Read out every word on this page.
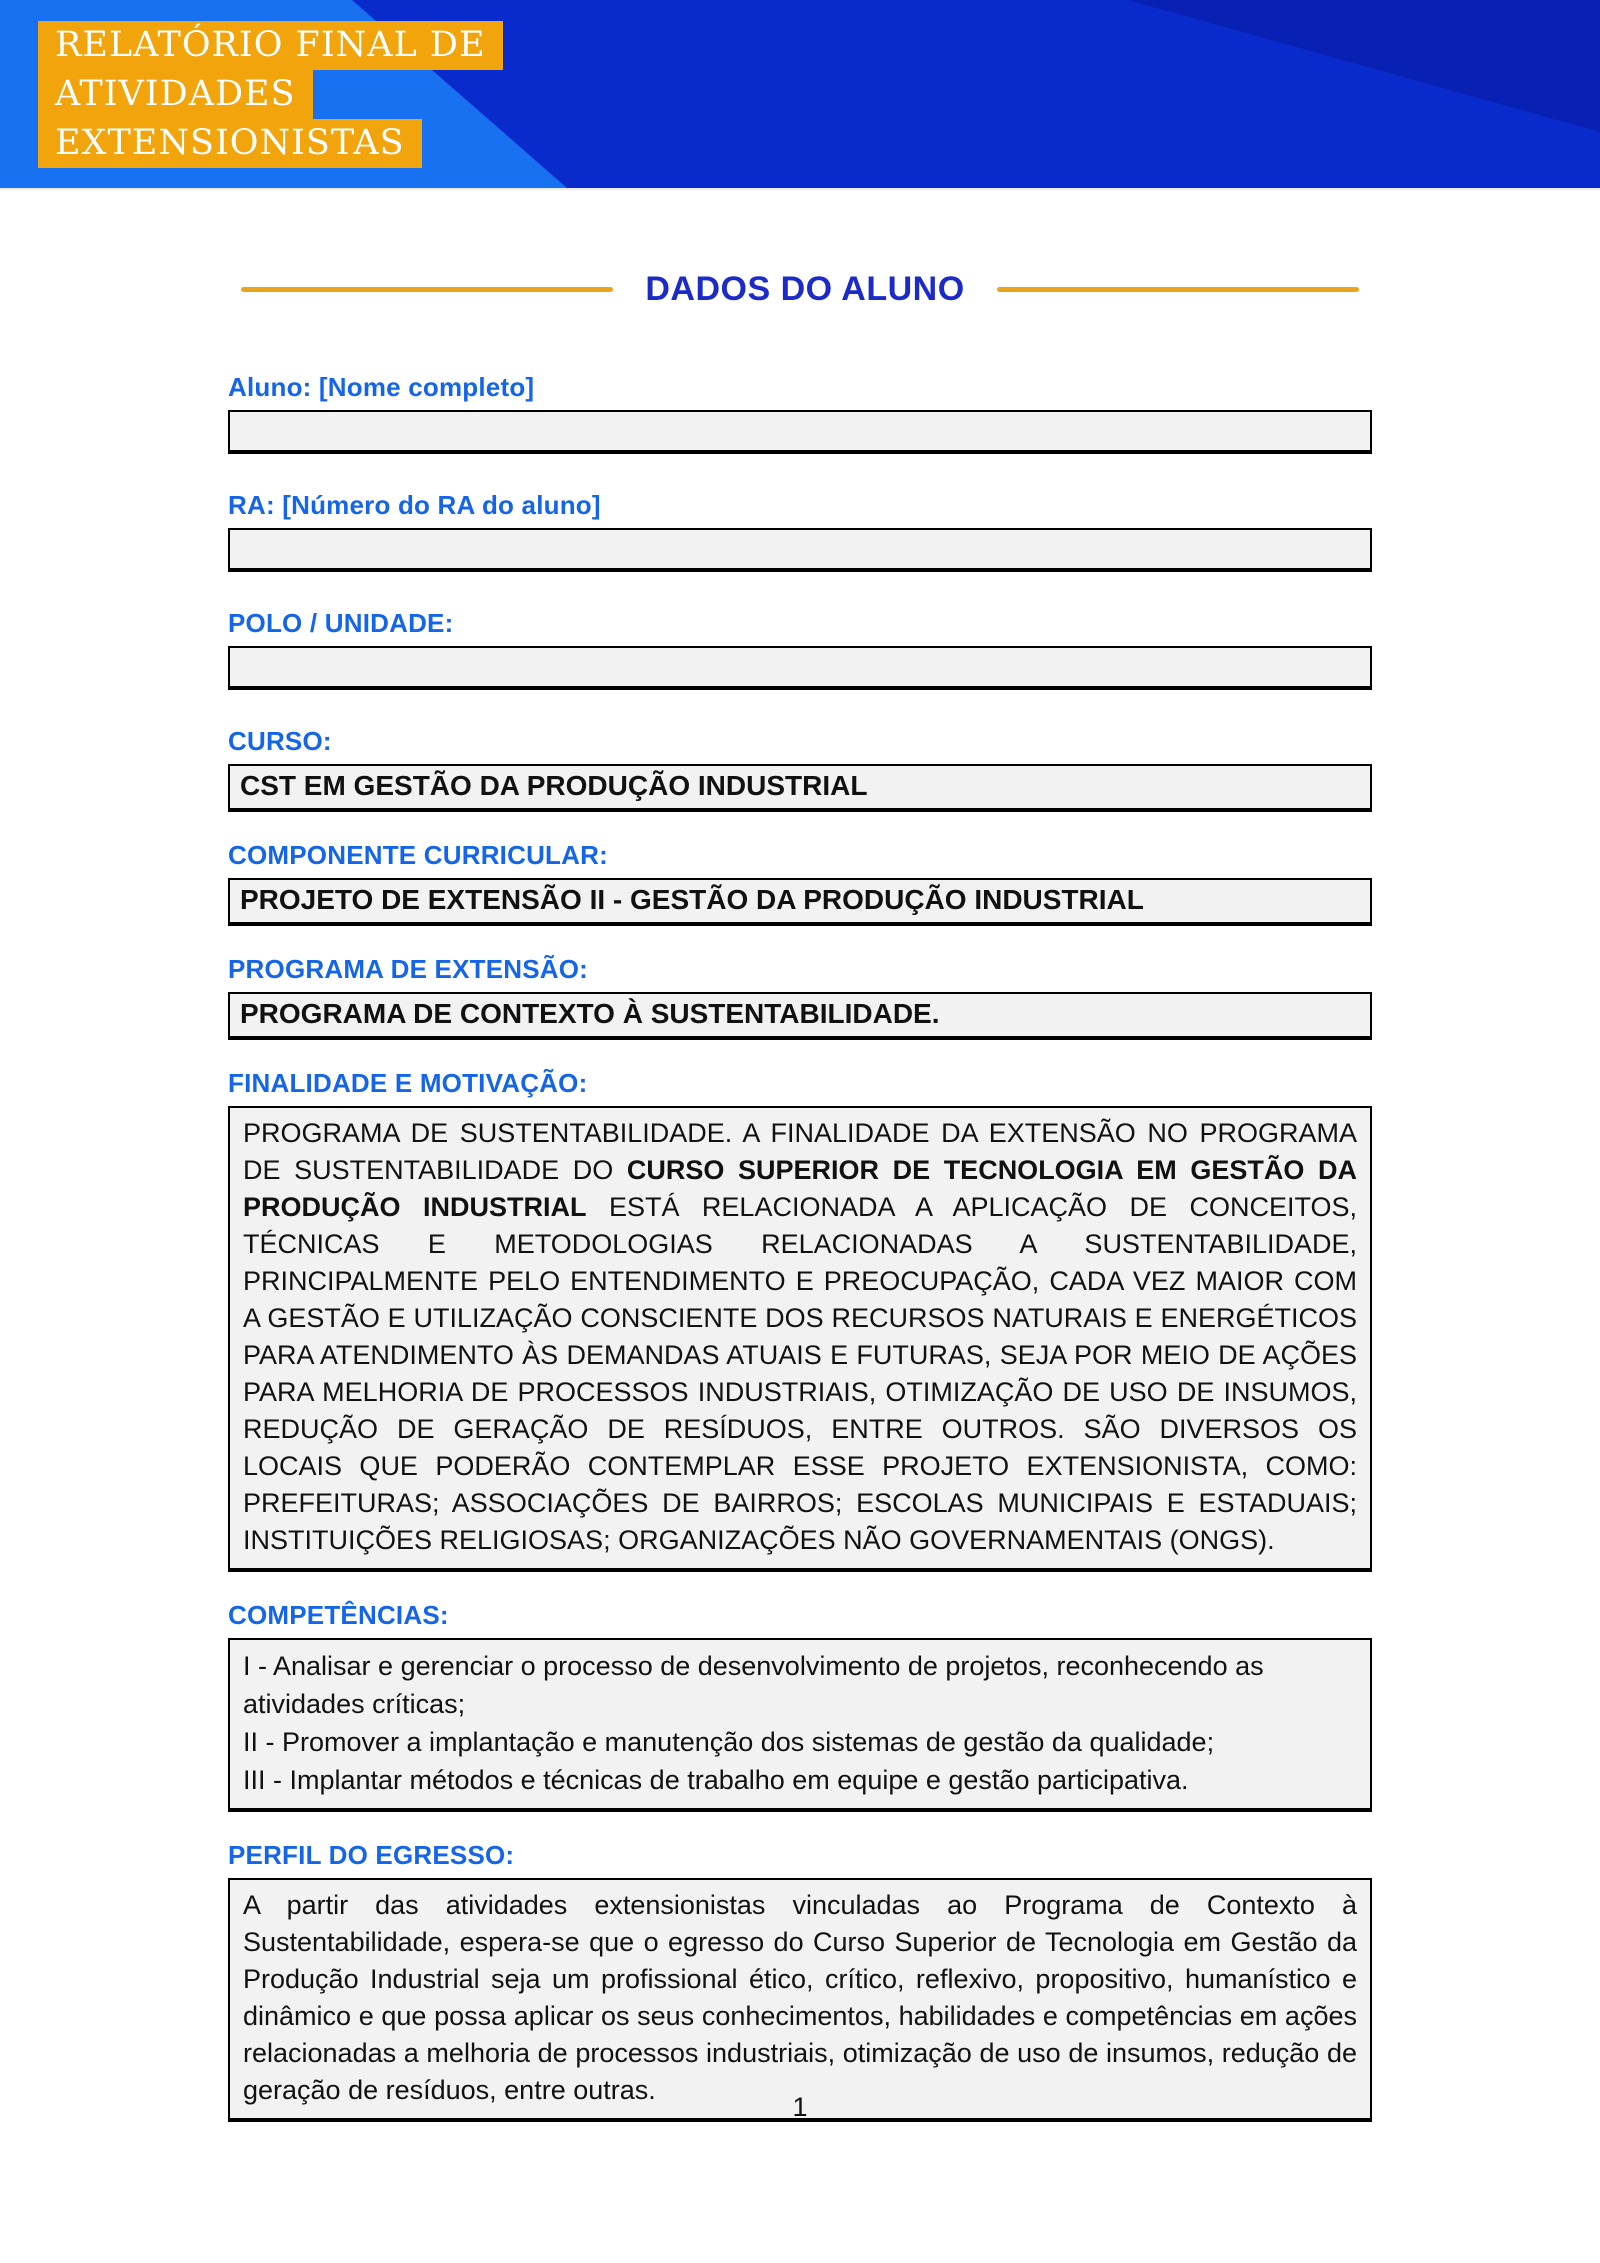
RELATÓRIO FINAL DE
ATIVIDADES
EXTENSIONISTAS
DADOS DO ALUNO
Aluno: [Nome completo]
RA: [Número do RA do aluno]
POLO / UNIDADE:
CURSO:
CST EM GESTÃO DA PRODUÇÃO INDUSTRIAL
COMPONENTE CURRICULAR:
PROJETO DE EXTENSÃO II - GESTÃO DA PRODUÇÃO INDUSTRIAL
PROGRAMA DE EXTENSÃO:
PROGRAMA DE CONTEXTO À SUSTENTABILIDADE.
FINALIDADE E MOTIVAÇÃO:
PROGRAMA DE SUSTENTABILIDADE. A FINALIDADE DA EXTENSÃO NO PROGRAMA DE SUSTENTABILIDADE DO CURSO SUPERIOR DE TECNOLOGIA EM GESTÃO DA PRODUÇÃO INDUSTRIAL ESTÁ RELACIONADA A APLICAÇÃO DE CONCEITOS, TÉCNICAS E METODOLOGIAS RELACIONADAS A SUSTENTABILIDADE, PRINCIPALMENTE PELO ENTENDIMENTO E PREOCUPAÇÃO, CADA VEZ MAIOR COM A GESTÃO E UTILIZAÇÃO CONSCIENTE DOS RECURSOS NATURAIS E ENERGÉTICOS PARA ATENDIMENTO ÀS DEMANDAS ATUAIS E FUTURAS, SEJA POR MEIO DE AÇÕES PARA MELHORIA DE PROCESSOS INDUSTRIAIS, OTIMIZAÇÃO DE USO DE INSUMOS, REDUÇÃO DE GERAÇÃO DE RESÍDUOS, ENTRE OUTROS. SÃO DIVERSOS OS LOCAIS QUE PODERÃO CONTEMPLAR ESSE PROJETO EXTENSIONISTA, COMO: PREFEITURAS; ASSOCIAÇÕES DE BAIRROS; ESCOLAS MUNICIPAIS E ESTADUAIS; INSTITUIÇÕES RELIGIOSAS; ORGANIZAÇÕES NÃO GOVERNAMENTAIS (ONGS).
COMPETÊNCIAS:
I - Analisar e gerenciar o processo de desenvolvimento de projetos, reconhecendo as atividades críticas;
II - Promover a implantação e manutenção dos sistemas de gestão da qualidade;
III - Implantar métodos e técnicas de trabalho em equipe e gestão participativa.
PERFIL DO EGRESSO:
A partir das atividades extensionistas vinculadas ao Programa de Contexto à Sustentabilidade, espera-se que o egresso do Curso Superior de Tecnologia em Gestão da Produção Industrial seja um profissional ético, crítico, reflexivo, propositivo, humanístico e dinâmico e que possa aplicar os seus conhecimentos, habilidades e competências em ações relacionadas a melhoria de processos industriais, otimização de uso de insumos, redução de geração de resíduos, entre outras.
1
